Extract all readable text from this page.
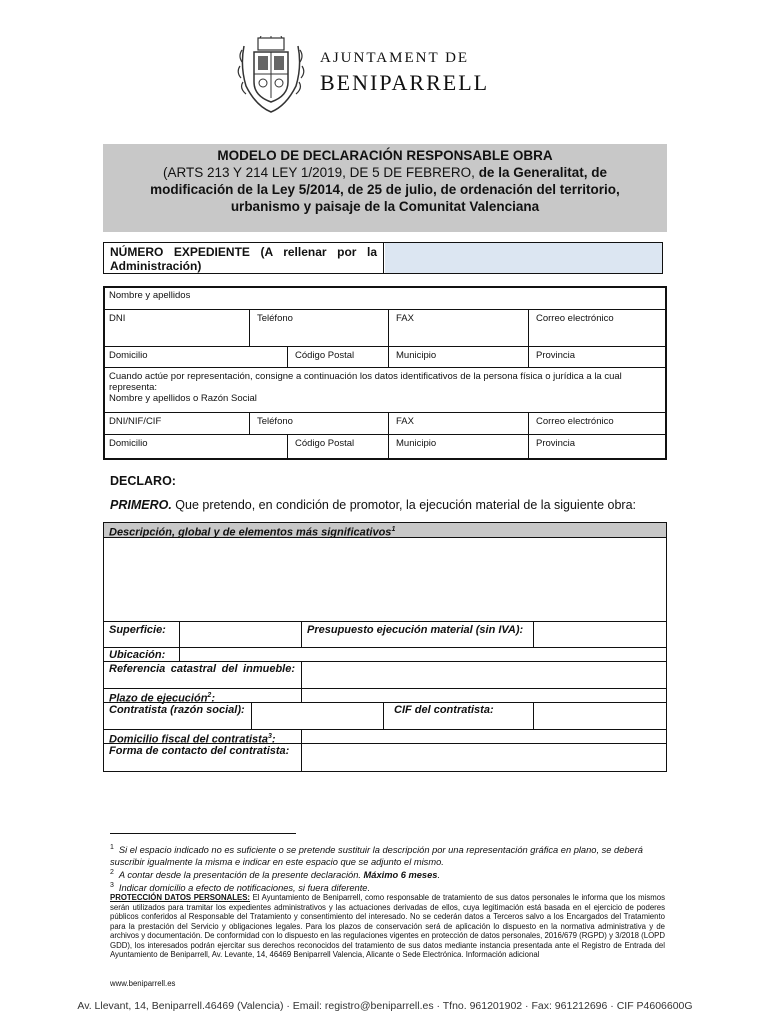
AJUNTAMENT DE
BENIPARRELL
MODELO DE DECLARACIÓN RESPONSABLE OBRA
(ARTS 213 Y 214 LEY 1/2019, DE 5 DE FEBRERO, de la Generalitat, de modificación de la Ley 5/2014, de 25 de julio, de ordenación del territorio, urbanismo y paisaje de la Comunitat Valenciana
NÚMERO EXPEDIENTE (A rellenar por la Administración)
Nombre y apellidos
DNI	Teléfono	FAX	Correo electrónico
Domicilio	Código Postal	Municipio	Provincia
Cuando actúe por representación, consigne a continuación los datos identificativos de la persona física o jurídica a la cual representa:
Nombre y apellidos o Razón Social
DNI/NIF/CIF	Teléfono	FAX	Correo electrónico
Domicilio	Código Postal	Municipio	Provincia
DECLARO:
PRIMERO. Que pretendo, en condición de promotor, la ejecución material de la siguiente obra:
Descripción, global y de elementos más significativos$^1$
Superficie:	Presupuesto ejecución material (sin IVA):
Ubicación:
Referencia catastral del inmueble:
Plazo de ejecución$^2$:
Contratista (razón social):	CIF del contratista:
Domicilio fiscal del contratista$^3$:
Forma de contacto del contratista:
$^1$ Si el espacio indicado no es suficiente o se pretende sustituir la descripción por una representación gráfica en plano, se deberá suscribir igualmente la misma e indicar en este espacio que se adjunto el mismo.
$^2$ A contar desde la presentación de la presente declaración. Máximo 6 meses.
$^3$ Indicar domicilio a efecto de notificaciones, si fuera diferente.
PROTECCIÓN DATOS PERSONALES: El Ayuntamiento de Beniparrell, como responsable de tratamiento de sus datos personales le informa que los mismos serán utilizados para tramitar los expedientes administrativos y las actuaciones derivadas de ellos, cuya legitimación está basada en el ejercicio de poderes públicos conferidos al Responsable del Tratamiento y consentimiento del interesado. No se cederán datos a Terceros salvo a los Encargados del Tratamiento para la prestación del Servicio y obligaciones legales. Para los plazos de conservación será de aplicación lo dispuesto en la normativa administrativa y de archivos y documentación. De conformidad con lo dispuesto en las regulaciones vigentes en protección de datos personales, 2016/679 (RGPD) y 3/2018 (LOPD GDD), los interesados podrán ejercitar sus derechos reconocidos del tratamiento de sus datos mediante instancia presentada ante el Registro de Entrada del Ayuntamiento de Beniparrell, Av. Levante, 14, 46469 Beniparrell Valencia, Alicante o Sede Electrónica. Información adicional
www.beniparrell.es
Av. Llevant, 14, Beniparrell.46469 (Valencia) · Email: registro@beniparrell.es · Tfno. 961201902 · Fax: 961212696 · CIF P4606600G
